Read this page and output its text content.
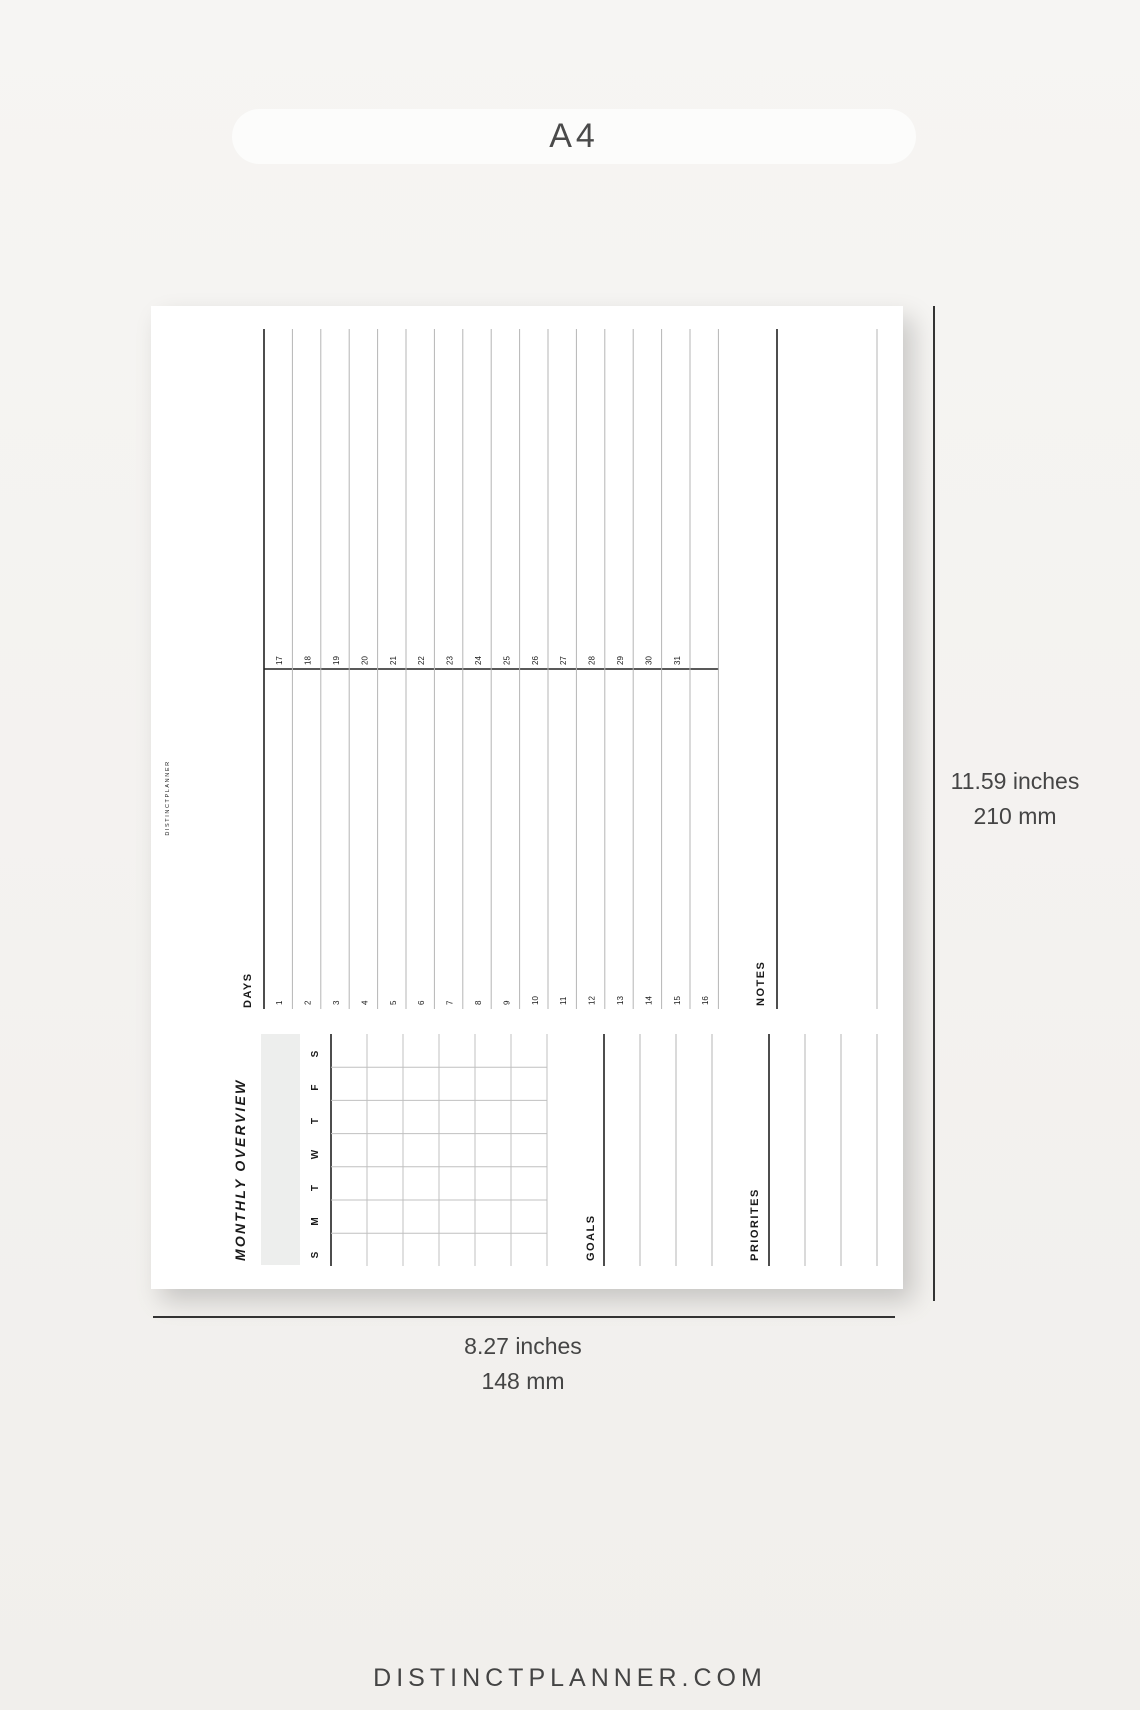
A4
DISTINCTPLANNER
1 2 3 4 5 6 7 8 9 10 11 12 13 14 15 16
17 18 19 20 21 22 23 24 25 26 27 28 29 30 31
DAYS	NOTES
MONTHLY OVERVIEW	S
M
T
W
T
F
S
GOALS	PRIORITES
11.59 inches
210 mm
8.27 inches
148 mm
DISTINCTPLANNER.COM
